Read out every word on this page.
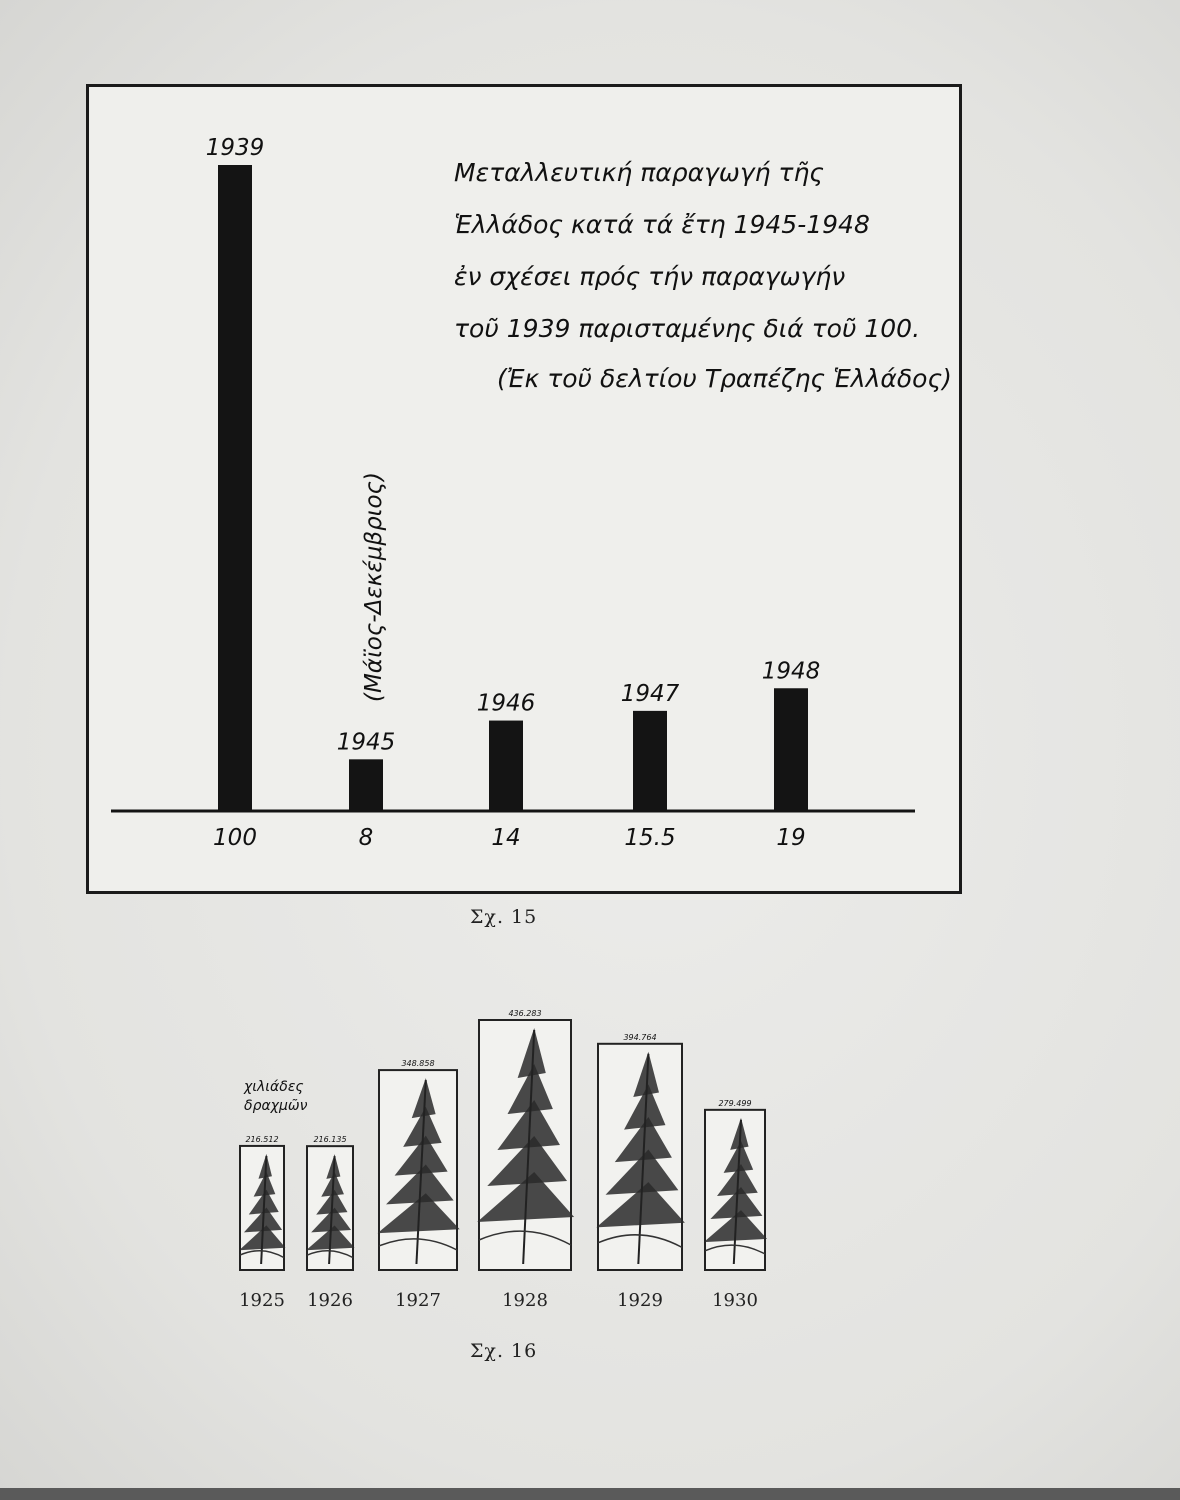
1939
100
1945
8
1946
14
1947
15.5
1948
19
(Μάϊος-Δεκέμβριος)
Μεταλλευτική παραγωγή τῆς
Ἑλλάδος κατά τά ἔτη 1945-1948
ἐν σχέσει πρός τήν παραγωγήν
τοῦ 1939 παρισταμένης διά τοῦ 100.
(Ἐκ τοῦ δελτίου Τραπέζης Ἑλλάδος)
Σχ. 15
216.512
1925
216.135
1926
348.858
1927
436.283
1928
394.764
1929
279.499
1930
χιλιάδες
δραχμῶν
Σχ. 16
